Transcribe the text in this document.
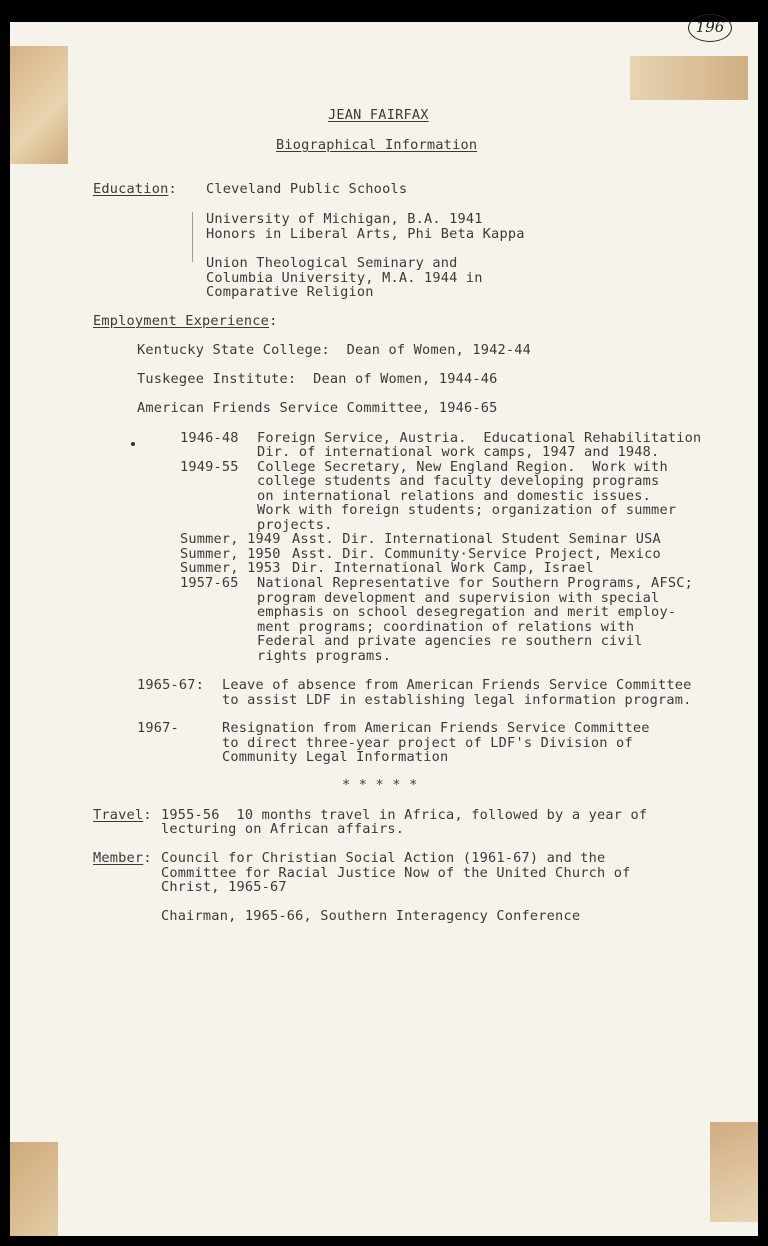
196
JEAN FAIRFAX
Biographical Information
Education: Cleveland Public Schools
University of Michigan, B.A. 1941
Honors in Liberal Arts, Phi Beta Kappa
Union Theological Seminary and
Columbia University, M.A. 1944 in
Comparative Religion
Employment Experience:
Kentucky State College:  Dean of Women, 1942-44
Tuskegee Institute:  Dean of Women, 1944-46
American Friends Service Committee, 1946-65
1946-48 Foreign Service, Austria.  Educational Rehabilitation
Dir. of international work camps, 1947 and 1948.
1949-55 College Secretary, New England Region.  Work with
college students and faculty developing programs
on international relations and domestic issues.
Work with foreign students; organization of summer
projects.
Summer, 1949 Asst. Dir. International Student Seminar USA
Summer, 1950 Asst. Dir. Community·Service Project, Mexico
Summer, 1953 Dir. International Work Camp, Israel
1957-65 National Representative for Southern Programs, AFSC;
program development and supervision with special
emphasis on school desegregation and merit employ-
ment programs; coordination of relations with
Federal and private agencies re southern civil
rights programs.
1965-67: Leave of absence from American Friends Service Committee
to assist LDF in establishing legal information program.
1967-	Resignation from American Friends Service Committee
to direct three-year project of LDF's Division of
Community Legal Information
* * * * *
Travel: 1955-56  10 months travel in Africa, followed by a year of
lecturing on African affairs.
Member: Council for Christian Social Action (1961-67) and the
Committee for Racial Justice Now of the United Church of
Christ, 1965-67
Chairman, 1965-66, Southern Interagency Conference
